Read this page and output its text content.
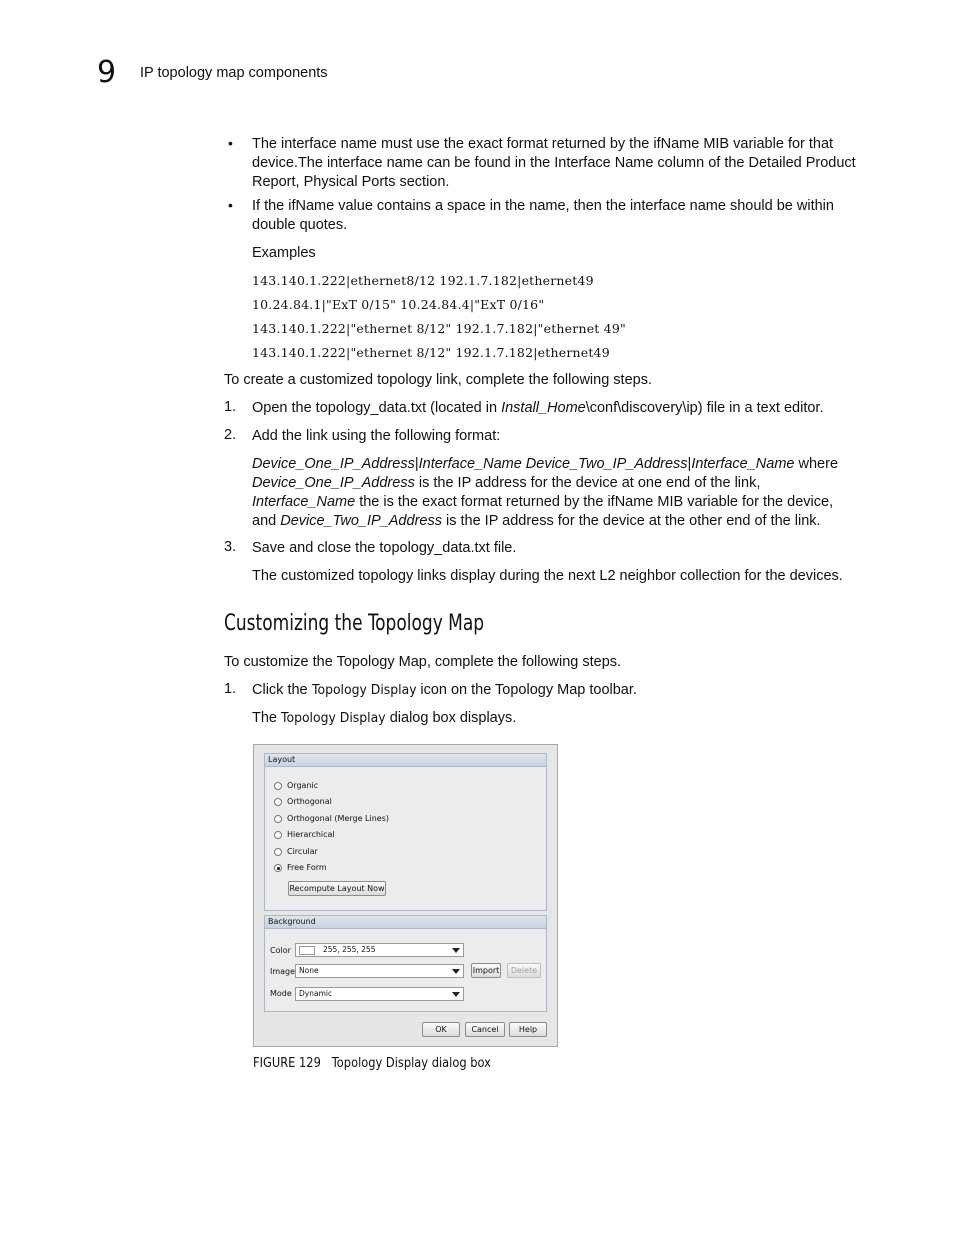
9 IP topology map components
• The interface name must use the exact format returned by the ifName MIB variable for that
device.The interface name can be found in the Interface Name column of the Detailed Product
Report, Physical Ports section.
• If the ifName value contains a space in the name, then the interface name should be within
double quotes.
Examples
143.140.1.222|ethernet8/12 192.1.7.182|ethernet49
10.24.84.1|"ExT 0/15" 10.24.84.4|"ExT 0/16"
143.140.1.222|"ethernet 8/12" 192.1.7.182|"ethernet 49"
143.140.1.222|"ethernet 8/12" 192.1.7.182|ethernet49
To create a customized topology link, complete the following steps.
1. Open the topology_data.txt (located in Install_Home\conf\discovery\ip) file in a text editor.
2. Add the link using the following format:
Device_One_IP_Address|Interface_Name Device_Two_IP_Address|Interface_Name where
Device_One_IP_Address is the IP address for the device at one end of the link,
Interface_Name the is the exact format returned by the ifName MIB variable for the device,
and Device_Two_IP_Address is the IP address for the device at the other end of the link.
3. Save and close the topology_data.txt file.
The customized topology links display during the next L2 neighbor collection for the devices.
Customizing the Topology Map
To customize the Topology Map, complete the following steps.
1. Click the Topology Display icon on the Topology Map toolbar.
The Topology Display dialog box displays.
Layout
Organic
Orthogonal
Orthogonal (Merge Lines)
Hierarchical
Circular
Free Form
Recompute Layout Now
Background
Color	255, 255, 255
Image None	Import	Delete
Mode Dynamic
OK	Cancel	Help
FIGURE 129 Topology Display dialog box
